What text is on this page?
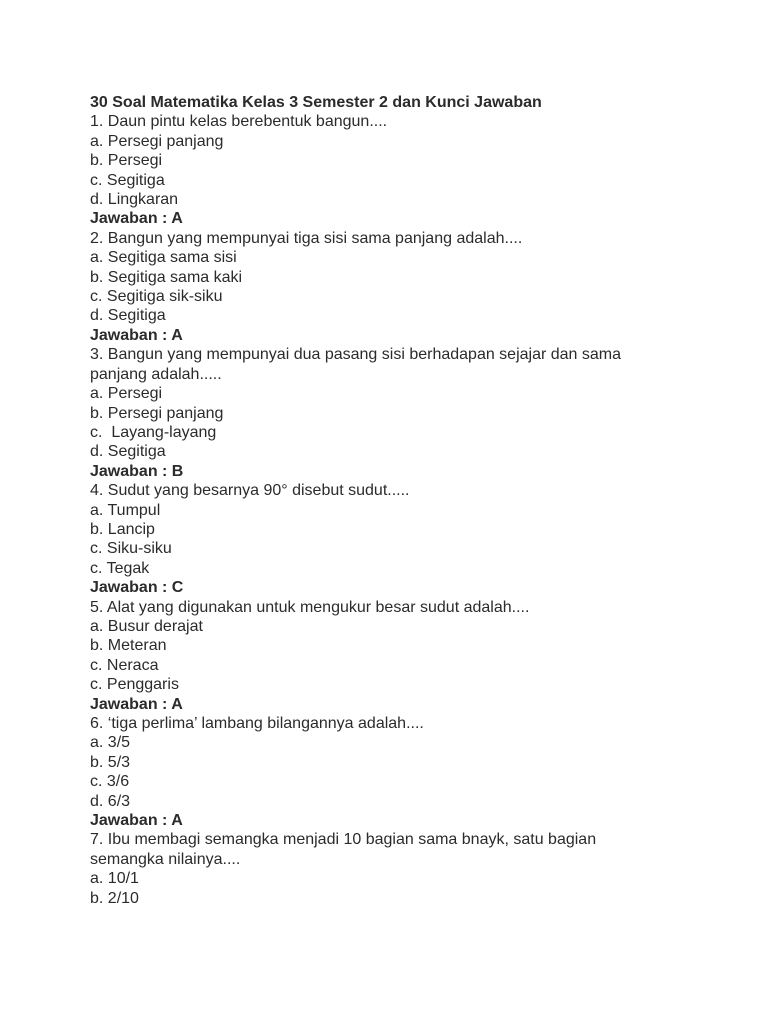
30 Soal Matematika Kelas 3 Semester 2 dan Kunci Jawaban

1. Daun pintu kelas berebentuk bangun....

a. Persegi panjang

b. Persegi

c. Segitiga

d. Lingkaran

Jawaban : A

2. Bangun yang mempunyai tiga sisi sama panjang adalah....

a. Segitiga sama sisi

b. Segitiga sama kaki

c. Segitiga sik-siku

d. Segitiga

Jawaban : A

3. Bangun yang mempunyai dua pasang sisi berhadapan sejajar dan sama

panjang adalah.....

a. Persegi

b. Persegi panjang

c.  Layang-layang

d. Segitiga

Jawaban : B

4. Sudut yang besarnya 90° disebut sudut.....

a. Tumpul

b. Lancip

c. Siku-siku

c. Tegak

Jawaban : C

5. Alat yang digunakan untuk mengukur besar sudut adalah....

a. Busur derajat

b. Meteran

c. Neraca

c. Penggaris

Jawaban : A

6. ‘tiga perlima’ lambang bilangannya adalah....

a. 3/5

b. 5/3

c. 3/6

d. 6/3

Jawaban : A

7. Ibu membagi semangka menjadi 10 bagian sama bnayk, satu bagian

semangka nilainya....

a. 10/1

b. 2/10
